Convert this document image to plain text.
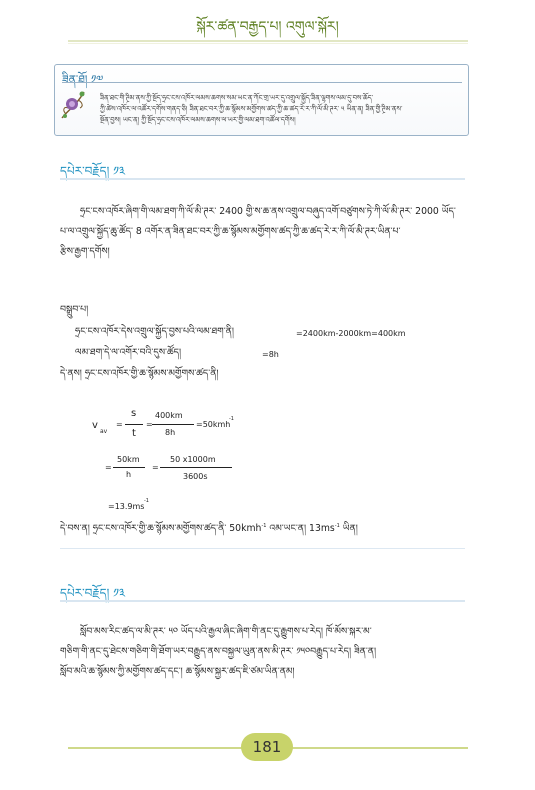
སྐོར་ཚན་བརྒྱད་པ། འགུལ་སྐོར།
ཟིན་ཐོ། ༡༧
ཟིན་ཐང་གི་ཊྲིམ་ནས་ཀྱི་སྔོད་ཧྲང་ངས་འཁོར་ལམས་ཆགས་སམ་ཡང་ན་ཀོང་གྲ་ཡར་དུ་འགྲུལ་སྐྱོད་ཟིན་ལྷགས་ལམ་དུ་བས་ཆོད་
ཀྱི་ཚེས་འཁོར་ལ་འཚོར་དགོས་གནད་ཅི། ཟིན་ཐང་བར་ཀྱི་ཆ་སྙོམས་མགྱོགས་ཚད་ཀྱི་ཆ་ཚད་རེ་ར་ཀི་ལོ་མི་ཊར་ ༥ ཡིན་ན། ཟིན་གྱི་ཊྲིམ་ནས་
སྔོན་བྱས། ཡང་ན། ཀྱི་སྔོད་ཧྲང་ངས་འཁོར་ལམས་ཆགས་ལ་ཡར་གྱི་ལམ་ཐག་འཚོལ་དགོས།
དཔེར་བརྗོད། ༡༣
ཧྲང་ངས་འཁོར་ཞིག་གི་ལམ་ཐག་ཀི་ལོ་མི་ཊར་ 2400 གྱི་ས་ཆ་ནས་འགྲུལ་བཞུད་འགོ་བཙུགས་ཏེ་ཀི་ལོ་མི་ཊར་ 2000 ཡོད་
པ་ལ་འགྲུལ་སྐྱོད་ཆུ་ཚོད་ 8 འགོར་ན་ཟིན་ཐང་བར་ཀྱི་ཆ་སྙོམས་མགྱོགས་ཚད་ཀྱི་ཆ་ཚད་རེ་ར་ཀི་ལོ་མི་ཊར་ཡིན་པ་
རྩིས་རྒྱག་དགོས།
བསྒྲུབ་པ།
ཧྲང་ངས་འཁོར་དེས་འགྲུལ་སྐྱོད་བྱས་པའི་ལམ་ཐག་ནི།	=2400km-2000km=400km
ལམ་ཐག་དེ་ལ་འགོར་བའི་དུས་ཚོད།	=8h
དེ་ནས། ཧྲང་ངས་འཁོར་གྱི་ཆ་སྙོམས་མགྱོགས་ཚད་ནི།
v
av
=
s
t
=
400km
8h
=50kmh
-1
=
50km
h
=
50 x1000m
3600s
=13.9ms
-1
དེ་བས་ན། ཧྲང་ངས་འཁོར་གྱི་ཆ་སྙོམས་མགྱོགས་ཚད་ནི་ 50kmh$^{-1}$ འམ་ཡང་ན། $13ms^{-1}$ ཡིན།
དཔེར་བརྗོད། ༡༣
སློབ་མས་རིང་ཚད་ལ་མི་ཊར་ ༥༠ ཡོད་པའི་རྒྱལ་ཞིང་ཞིག་གི་ནང་དུ་རྒྱུགས་པ་རེད། ཁོ་མོས་སྐར་མ་
གཅིག་གི་ནང་དུ་ཐེངས་གཅིག་གི་ཐོག་ཡར་བརྒྱུད་ནས་བསྐྱལ་ཡུན་ནས་མི་ཊར་ ༡༥༠བརྒྱུད་པ་རེད། ཟིན་ན།
སློབ་མའི་ཆ་སྙོམས་ཀྱི་མགྱོགས་ཚད་དང་། ཆ་སྙོམས་སྐྱར་ཚད་ཇི་ཙམ་ཡིན་ནམ།
181
